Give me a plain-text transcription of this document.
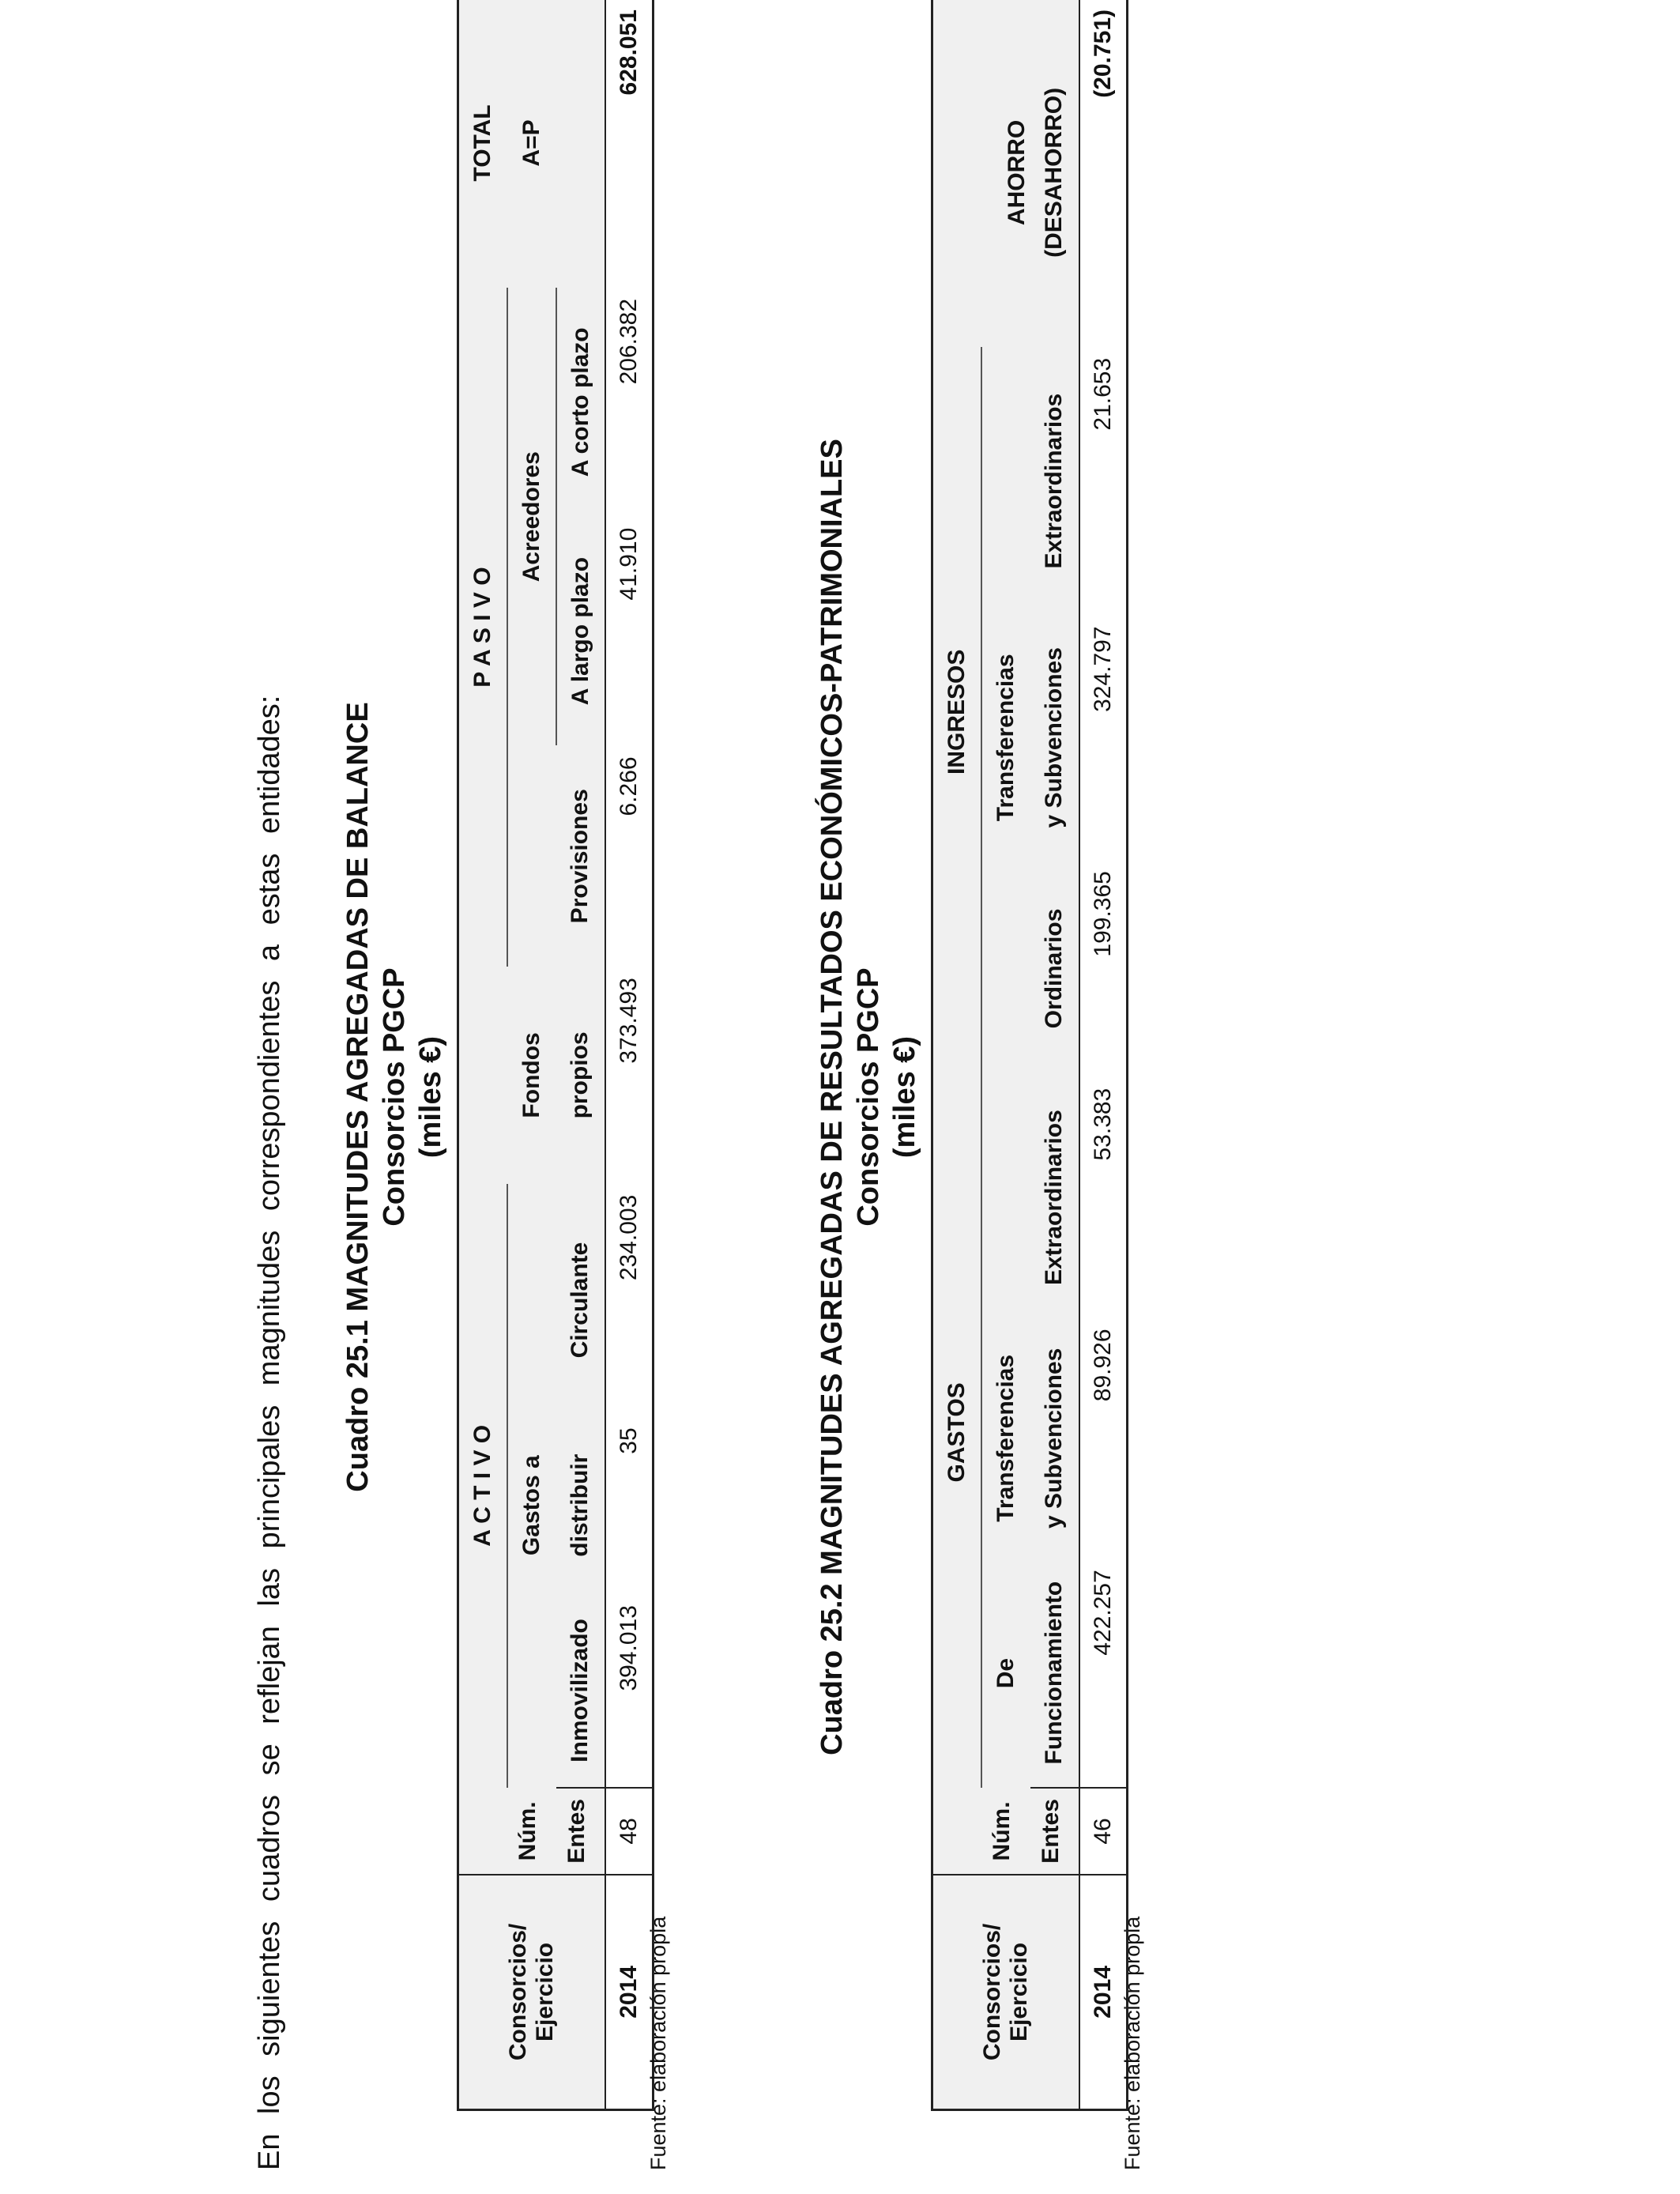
En los siguientes cuadros se reflejan las principales magnitudes correspondientes a estas entidades: Cuadro 25.1 MAGNITUDES AGREGADAS DE BALANCE Consorcios PGCP (miles €)
Consorcios/ Ejercicio		A C T I V O				P A S I V O			TOTAL
			Gastos a		Fondos		Acreedores		A=P

	Núm. Entes	Inmovilizado	distribuir	Circulante	propios	Provisiones	A largo plazo	A corto plazo	
2014	48	394.013	35	234.003	373.493	6.266	41.910	206.382	628.051
Fuente: elaboración propia
Cuadro 25.2 MAGNITUDES AGREGADAS DE RESULTADOS ECONÓMICOS-PATRIMONIALES Consorcios PGCP (miles €)
Consorcios/ Ejercicio		GASTOS			INGRESOS			AHORRO
		De	Transferencias			Transferencias		

	Núm. Entes	Funcionamiento	y Subvenciones	Extraordinarios	Ordinarios	y Subvenciones	Extraordinarios	(DESAHORRO)
2014	46	422.257	89.926	53.383	199.365	324.797	21.653	(20.751)
Fuente: elaboración propia
